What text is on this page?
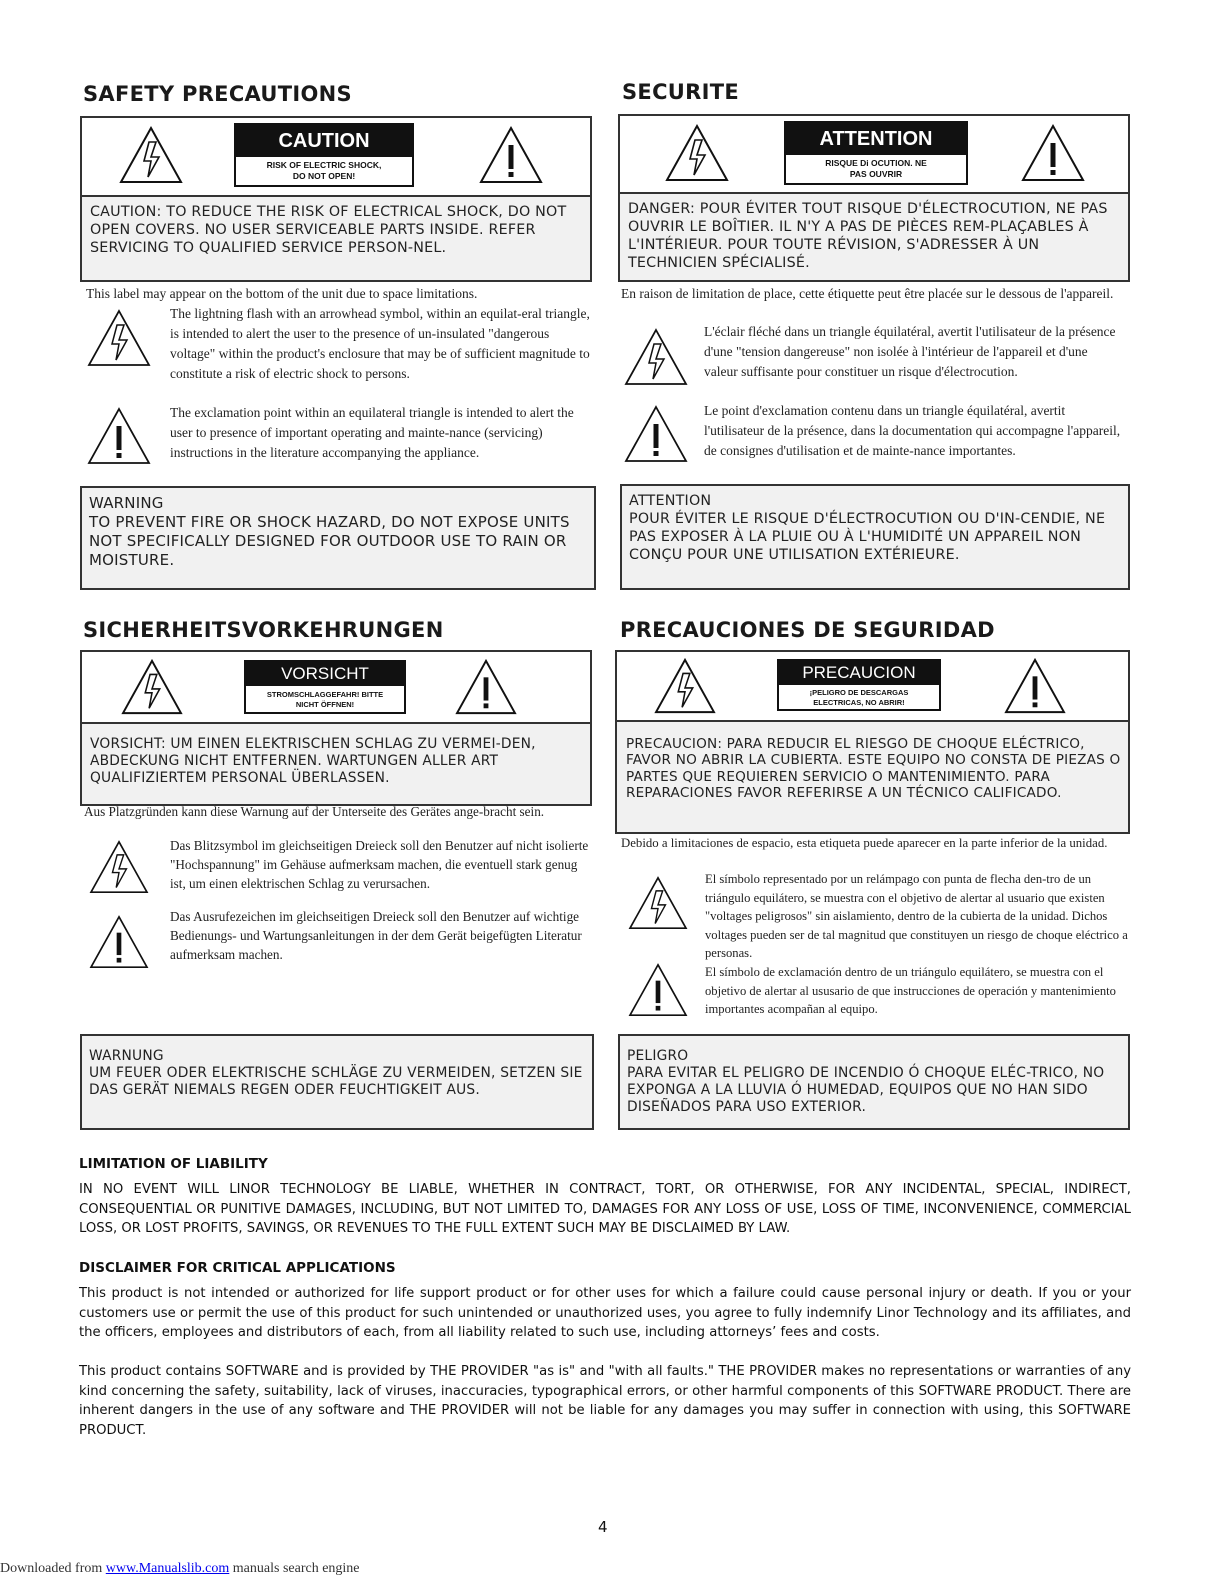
SAFETY PRECAUTIONS
CAUTION
RISK OF ELECTRIC SHOCK, DO NOT OPEN!
CAUTION: TO REDUCE THE RISK OF ELECTRICAL SHOCK, DO NOT OPEN COVERS. NO USER SERVICEABLE PARTS INSIDE. REFER SERVICING TO QUALIFIED SERVICE PERSON-NEL.
This label may appear on the bottom of the unit due to space limitations.
The lightning flash with an arrowhead symbol, within an equilat-eral triangle, is intended to alert the user to the presence of un-insulated "dangerous voltage" within the product's enclosure that may be of sufficient magnitude to constitute a risk of electric shock to persons.
The exclamation point within an equilateral triangle is intended to alert the user to presence of important operating and mainte-nance (servicing) instructions in the literature accompanying the appliance.
WARNING
TO PREVENT FIRE OR SHOCK HAZARD, DO NOT EXPOSE UNITS NOT SPECIFICALLY DESIGNED FOR OUTDOOR USE TO RAIN OR MOISTURE.
SECURITE
ATTENTION
RISQUE Di OCUTION. NE PAS OUVRIR
DANGER: POUR ÉVITER TOUT RISQUE D'ÉLECTROCUTION, NE PAS OUVRIR LE BOÎTIER. IL N'Y A PAS DE PIÈCES REM-PLAÇABLES À L'INTÉRIEUR. POUR TOUTE RÉVISION, S'ADRESSER À UN TECHNICIEN SPÉCIALISÉ.
En raison de limitation de place, cette étiquette peut être placée sur le dessous de l'appareil.
L'éclair fléché dans un triangle équilatéral, avertit l'utilisateur de la présence d'une "tension dangereuse" non isolée à l'intérieur de l'appareil et d'une valeur suffisante pour constituer un risque d'électrocution.
Le point d'exclamation contenu dans un triangle équilatéral, avertit l'utilisateur de la présence, dans la documentation qui accompagne l'appareil, de consignes d'utilisation et de mainte-nance importantes.
ATTENTION
POUR ÉVITER LE RISQUE D'ÉLECTROCUTION OU D'IN-CENDIE, NE PAS EXPOSER À LA PLUIE OU À L'HUMIDITÉ UN APPAREIL NON CONÇU POUR UNE UTILISATION EXTÉRIEURE.
SICHERHEITSVORKEHRUNGEN
VORSICHT
STROMSCHLAGGEFAHR! BITTE NICHT ÖFFNEN!
VORSICHT: UM EINEN ELEKTRISCHEN SCHLAG ZU VERMEI-DEN, ABDECKUNG NICHT ENTFERNEN. WARTUNGEN ALLER ART QUALIFIZIERTEM PERSONAL ÜBERLASSEN.
Aus Platzgründen kann diese Warnung auf der Unterseite des Gerätes ange-bracht sein.
Das Blitzsymbol im gleichseitigen Dreieck soll den Benutzer auf nicht isolierte "Hochspannung" im Gehäuse aufmerksam machen, die eventuell stark genug ist, um einen elektrischen Schlag zu verursachen.
Das Ausrufezeichen im gleichseitigen Dreieck soll den Benutzer auf wichtige Bedienungs- und Wartungsanleitungen in der dem Gerät beigefügten Literatur aufmerksam machen.
WARNUNG
UM FEUER ODER ELEKTRISCHE SCHLÄGE ZU VERMEIDEN, SETZEN SIE DAS GERÄT NIEMALS REGEN ODER FEUCHTIGKEIT AUS.
PRECAUCIONES DE SEGURIDAD
PRECAUCION
¡PELIGRO DE DESCARGAS ELECTRICAS, NO ABRIR!
PRECAUCION: PARA REDUCIR EL RIESGO DE CHOQUE ELÉCTRICO, FAVOR NO ABRIR LA CUBIERTA. ESTE EQUIPO NO CONSTA DE PIEZAS O PARTES QUE REQUIEREN SERVICIO O MANTENIMIENTO. PARA REPARACIONES FAVOR REFERIRSE A UN TÉCNICO CALIFICADO.
Debido a limitaciones de espacio, esta etiqueta puede aparecer en la parte inferior de la unidad.
El símbolo representado por un relámpago con punta de flecha den-tro de un triángulo equilátero, se muestra con el objetivo de alertar al usuario que existen "voltages peligrosos" sin aislamiento, dentro de la cubierta de la unidad. Dichos voltages pueden ser de tal magnitud que constituyen un riesgo de choque eléctrico a personas.
El símbolo de exclamación dentro de un triángulo equilátero, se muestra con el objetivo de alertar al ususario de que instrucciones de operación y mantenimiento importantes acompañan al equipo.
PELIGRO
PARA EVITAR EL PELIGRO DE INCENDIO Ó CHOQUE ELÉC-TRICO, NO EXPONGA A LA LLUVIA Ó HUMEDAD, EQUIPOS QUE NO HAN SIDO DISEÑADOS PARA USO EXTERIOR.
LIMITATION OF LIABILITY

IN NO EVENT WILL LINOR TECHNOLOGY BE LIABLE, WHETHER IN CONTRACT, TORT, OR OTHERWISE, FOR ANY INCIDENTAL, SPECIAL, INDIRECT, CONSEQUENTIAL OR PUNITIVE DAMAGES, INCLUDING, BUT NOT LIMITED TO, DAMAGES FOR ANY LOSS OF USE, LOSS OF TIME, INCONVENIENCE, COMMERCIAL LOSS, OR LOST PROFITS, SAVINGS, OR REVENUES TO THE FULL EXTENT SUCH MAY BE DISCLAIMED BY LAW.

DISCLAIMER FOR CRITICAL APPLICATIONS

This product is not intended or authorized for life support product or for other uses for which a failure could cause personal injury or death. If you or your customers use or permit the use of this product for such unintended or unauthorized uses, you agree to fully indemnify Linor Technology and its affiliates, and the officers, employees and distributors of each, from all liability related to such use, including attorneys’ fees and costs.

This product contains SOFTWARE and is provided by THE PROVIDER "as is" and "with all faults." THE PROVIDER makes no representations or warranties of any kind concerning the safety, suitability, lack of viruses, inaccuracies, typographical errors, or other harmful components of this SOFTWARE PRODUCT. There are inherent dangers in the use of any software and THE PROVIDER will not be liable for any damages you may suffer in connection with using, this SOFTWARE PRODUCT.

4
Downloaded from www.Manualslib.com manuals search engine
